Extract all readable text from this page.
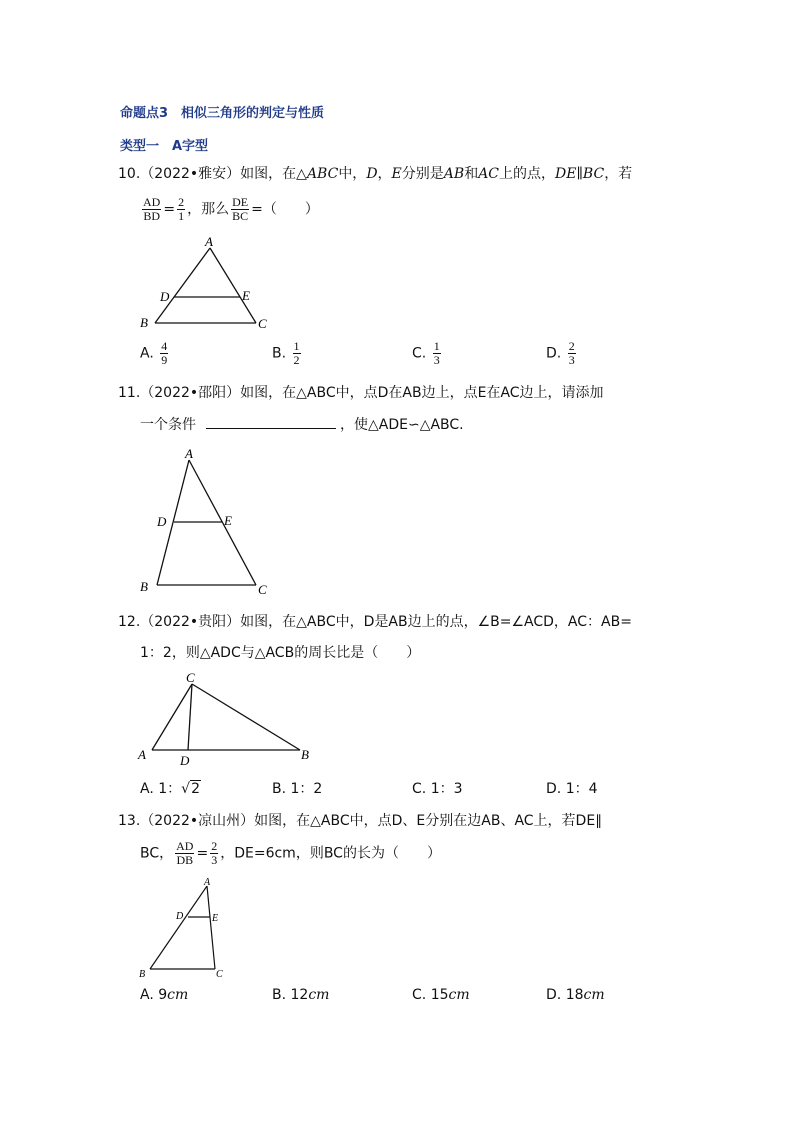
命题点3　相似三角形的判定与性质
类型一　A字型
10.（2022•雅安）如图，在△ABC中，D，E分别是AB和AC上的点，DE∥BC，若
$\frac{AD}{BD} = \frac{2}{1}$ ，那么 $\frac{DE}{BC}$ =（　　）
A
B	C
D	E
A. $\frac{4}{9}$	B. $\frac{1}{2}$	C. $\frac{1}{3}$	D. $\frac{2}{3}$
11.（2022•邵阳）如图，在△ABC中，点D在AB边上，点E在AC边上，请添加
一个条件	，使△ADE∽△ABC.
A
B	C
D	E
12.（2022•贵阳）如图，在△ABC中，D是AB边上的点，∠B=∠ACD，AC：AB=
1：2，则△ADC与△ACB的周长比是（　　）
C
A	B
D
A. 1：√2	B. 1：2	C. 1：3	D. 1：4
13.（2022•凉山州）如图，在△ABC中，点D、E分别在边AB、AC上，若DE∥
BC， $\frac{AD}{DB} = \frac{2}{3}$ ，DE=6cm，则BC的长为（　　）
A
B	C
D	E
A. 9cm	B. 12cm	C. 15cm	D. 18cm
